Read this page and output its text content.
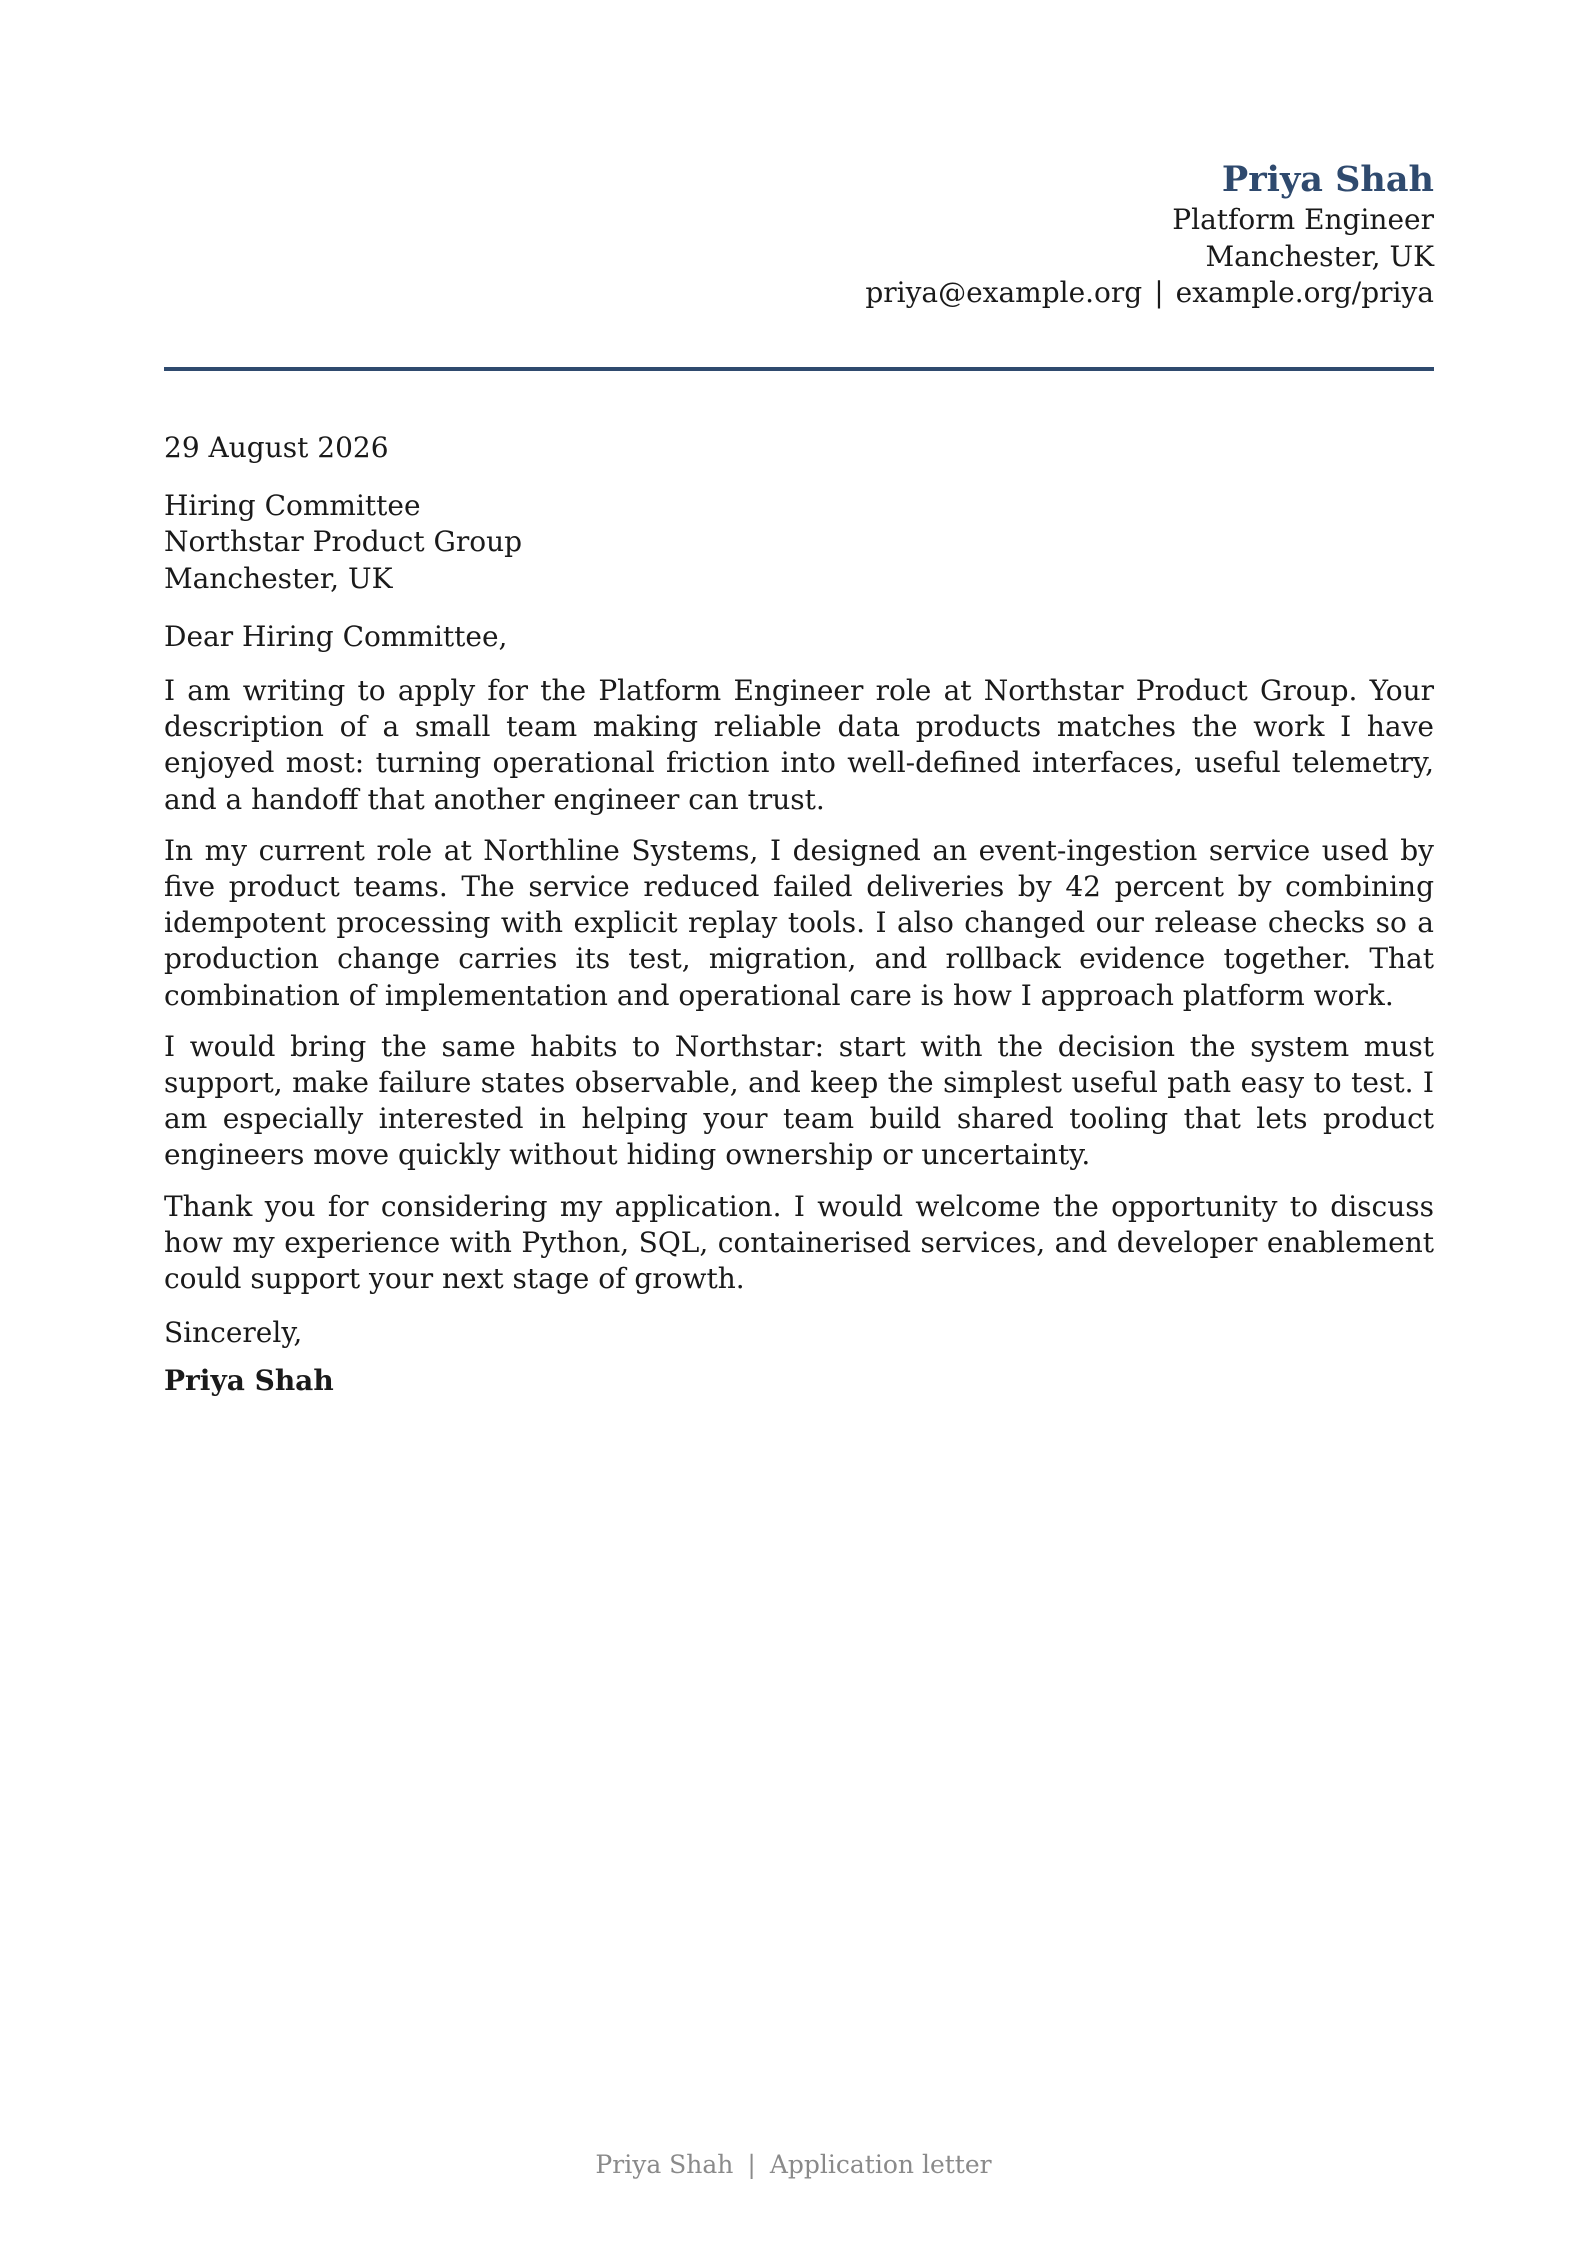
Priya Shah

Platform Engineer

Manchester, UK

priya@example.org | example.org/priya

29 August 2026

Hiring Committee
Northstar Product Group
Manchester, UK

Dear Hiring Committee,

I am writing to apply for the Platform Engineer role at Northstar Product Group. Your description of a small team making reliable data products matches the work I have enjoyed most: turning operational friction into well-defined interfaces, useful telemetry, and a handoff that another engineer can trust.

In my current role at Northline Systems, I designed an event-ingestion service used by five product teams. The service reduced failed deliveries by 42 percent by combining idempotent processing with explicit replay tools. I also changed our release checks so a production change carries its test, migration, and rollback evidence together. That combination of implementation and operational care is how I approach platform work.

I would bring the same habits to Northstar: start with the decision the system must support, make failure states observable, and keep the simplest useful path easy to test. I am especially interested in helping your team build shared tooling that lets product engineers move quickly without hiding ownership or uncertainty.

Thank you for considering my application. I would welcome the opportunity to discuss how my experience with Python, SQL, containerised services, and developer enablement could support your next stage of growth.

Sincerely,

Priya Shah

Priya Shah | Application letter
